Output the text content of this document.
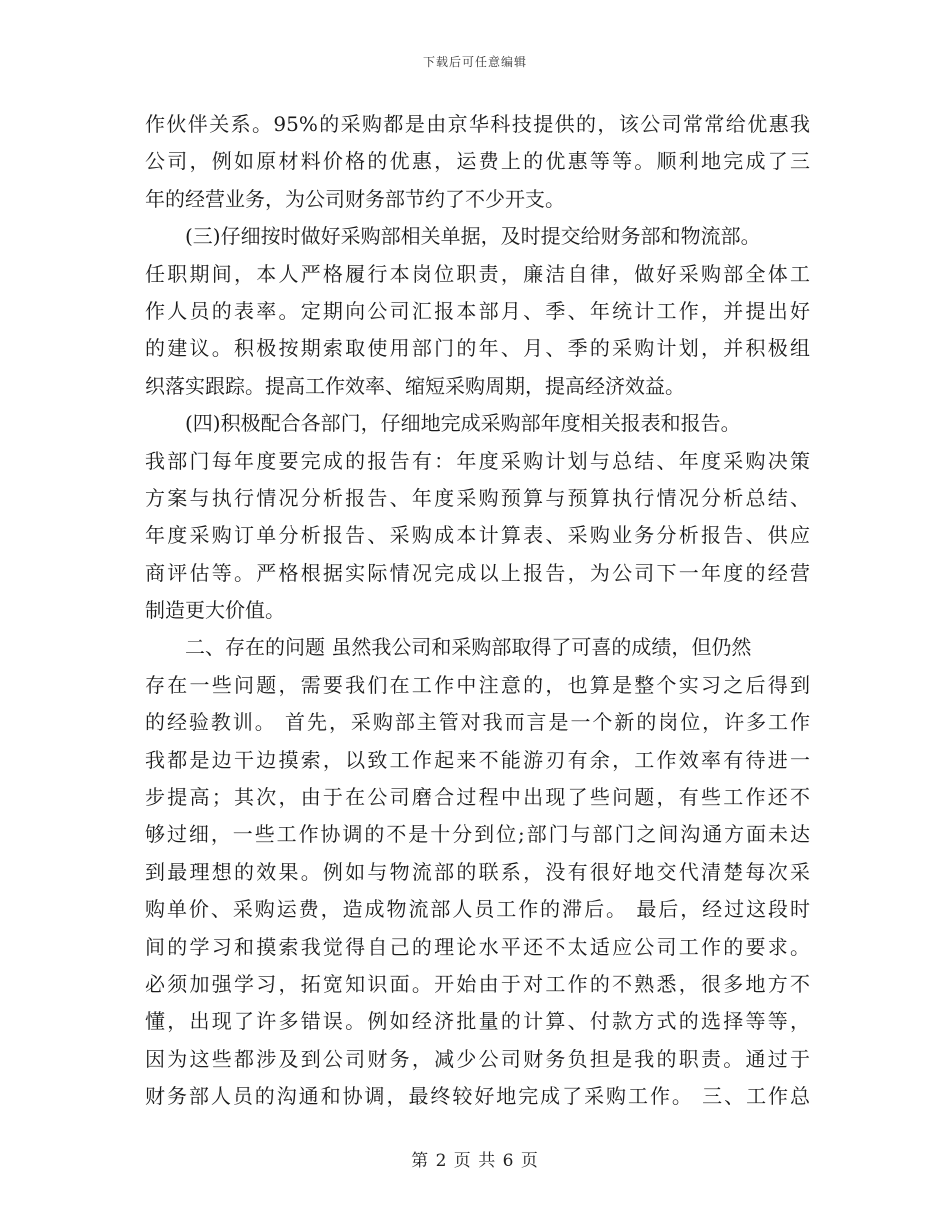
下载后可任意编辑
作伙伴关系。95%的采购都是由京华科技提供的，该公司常常给优惠我
公司，例如原材料价格的优惠，运费上的优惠等等。顺利地完成了三
年的经营业务，为公司财务部节约了不少开支。
(三)仔细按时做好采购部相关单据，及时提交给财务部和物流部。
任职期间，本人严格履行本岗位职责，廉洁自律，做好采购部全体工
作人员的表率。定期向公司汇报本部月、季、年统计工作，并提出好
的建议。积极按期索取使用部门的年、月、季的采购计划，并积极组
织落实跟踪。提高工作效率、缩短采购周期，提高经济效益。
(四)积极配合各部门，仔细地完成采购部年度相关报表和报告。
我部门每年度要完成的报告有：年度采购计划与总结、年度采购决策
方案与执行情况分析报告、年度采购预算与预算执行情况分析总结、
年度采购订单分析报告、采购成本计算表、采购业务分析报告、供应
商评估等。严格根据实际情况完成以上报告，为公司下一年度的经营
制造更大价值。
二、存在的问题 虽然我公司和采购部取得了可喜的成绩，但仍然
存在一些问题，需要我们在工作中注意的，也算是整个实习之后得到
的经验教训。 首先，采购部主管对我而言是一个新的岗位，许多工作
我都是边干边摸索，以致工作起来不能游刃有余，工作效率有待进一
步提高；其次，由于在公司磨合过程中出现了些问题，有些工作还不
够过细，一些工作协调的不是十分到位;部门与部门之间沟通方面未达
到最理想的效果。例如与物流部的联系，没有很好地交代清楚每次采
购单价、采购运费，造成物流部人员工作的滞后。 最后，经过这段时
间的学习和摸索我觉得自己的理论水平还不太适应公司工作的要求。
必须加强学习，拓宽知识面。开始由于对工作的不熟悉，很多地方不
懂，出现了许多错误。例如经济批量的计算、付款方式的选择等等，
因为这些都涉及到公司财务，减少公司财务负担是我的职责。通过于
财务部人员的沟通和协调，最终较好地完成了采购工作。 三、工作总
第 2 页 共 6 页
